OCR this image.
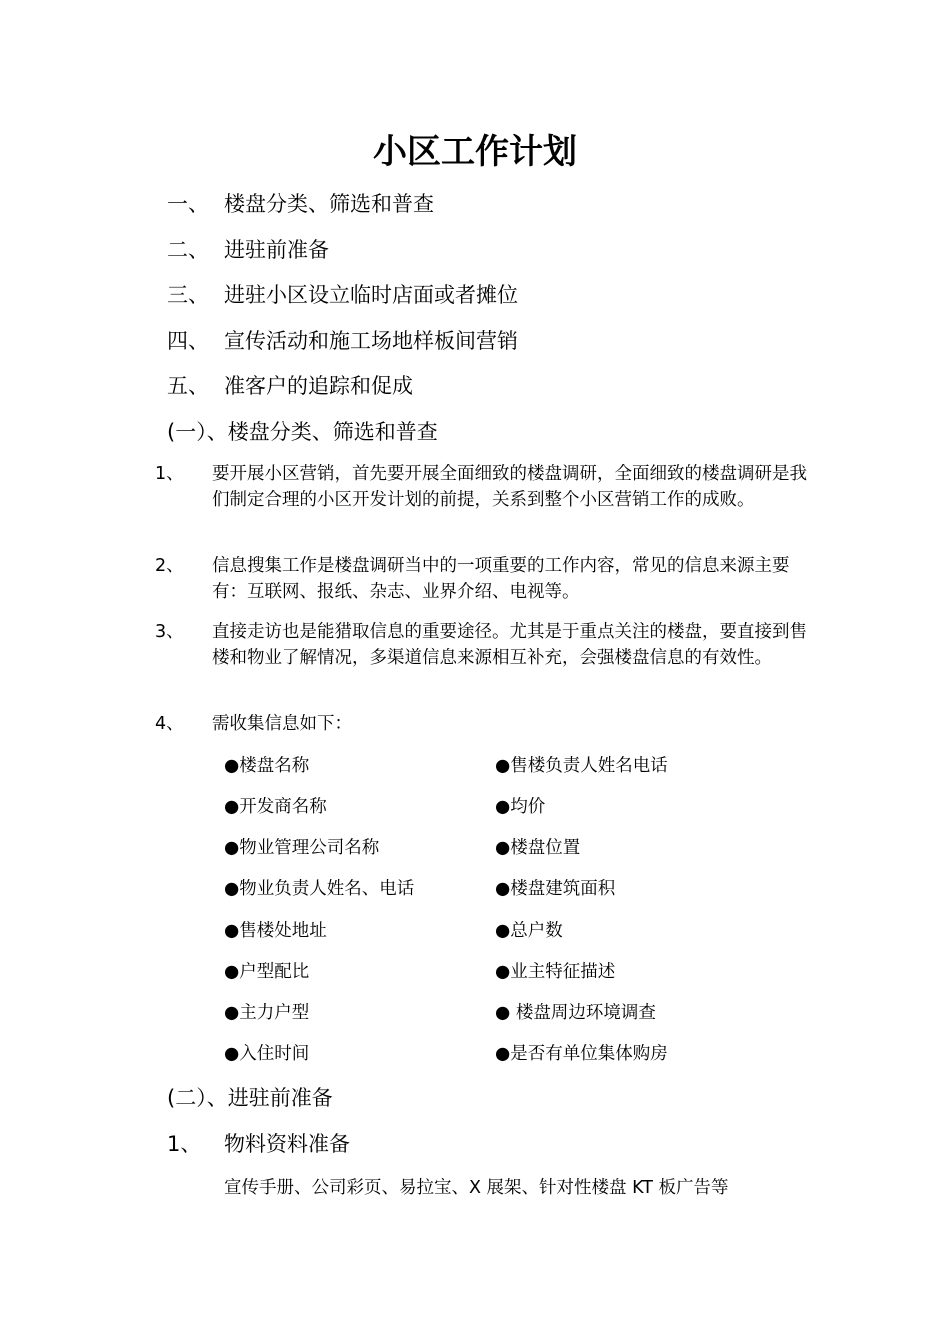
小区工作计划
一、 楼盘分类、筛选和普查
二、 进驻前准备
三、 进驻小区设立临时店面或者摊位
四、 宣传活动和施工场地样板间营销
五、 准客户的追踪和促成
(一）、楼盘分类、筛选和普查
1、 要开展小区营销，首先要开展全面细致的楼盘调研，全面细致的楼盘调研是我们制定合理的小区开发计划的前提，关系到整个小区营销工作的成败。
2、 信息搜集工作是楼盘调研当中的一项重要的工作内容，常见的信息来源主要有：互联网、报纸、杂志、业界介绍、电视等。
3、 直接走访也是能猎取信息的重要途径。尤其是于重点关注的楼盘，要直接到售楼和物业了解情况，多渠道信息来源相互补充，会强楼盘信息的有效性。
4、 需收集信息如下：
●楼盘名称
●开发商名称
●物业管理公司名称
●物业负责人姓名、电话
●售楼处地址
●户型配比
●主力户型
●入住时间
●售楼负责人姓名电话
●均价
●楼盘位置
●楼盘建筑面积
●总户数
●业主特征描述
● 楼盘周边环境调查
●是否有单位集体购房
(二）、进驻前准备
1、 物料资料准备
宣传手册、公司彩页、易拉宝、X 展架、针对性楼盘 KT 板广告等
